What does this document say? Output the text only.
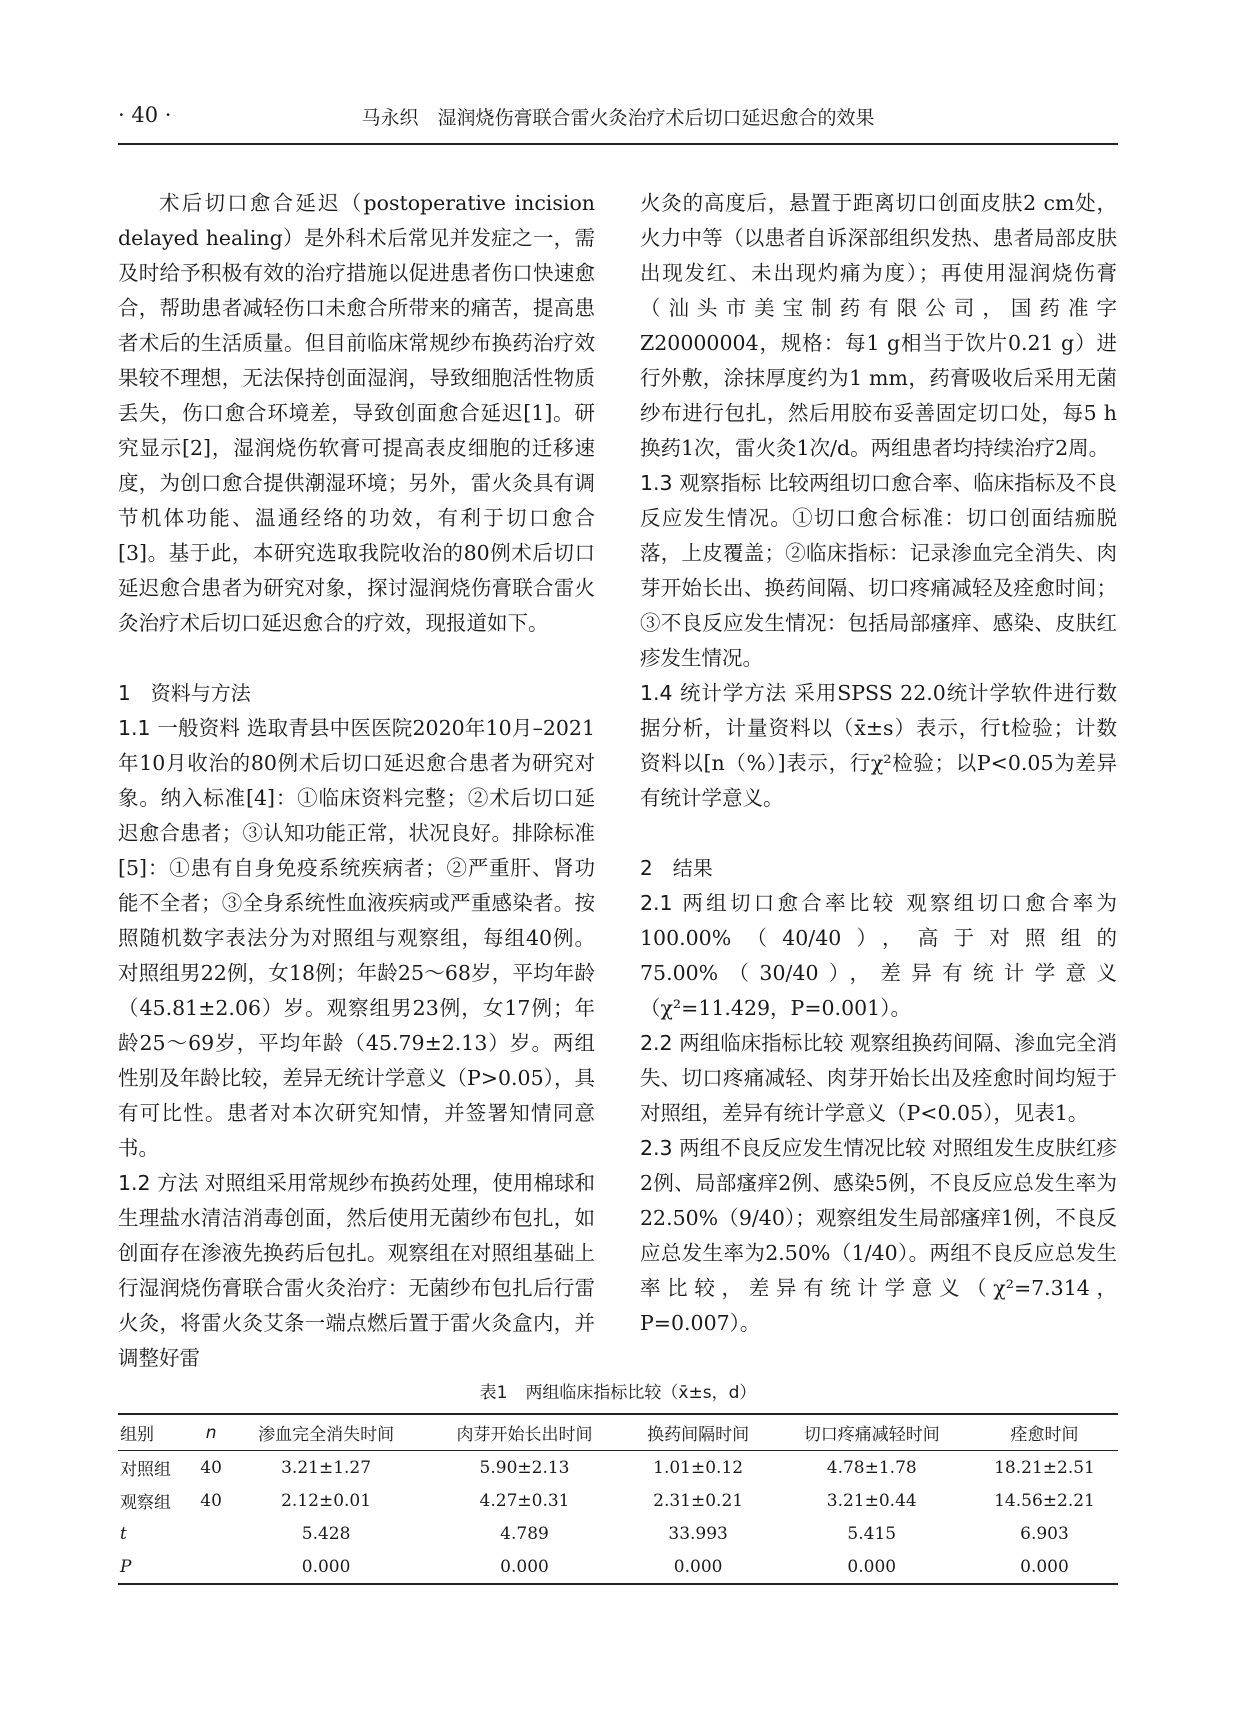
· 40 ·	马永织　湿润烧伤膏联合雷火灸治疗术后切口延迟愈合的效果

术后切口愈合延迟（postoperative incision delayed healing）是外科术后常见并发症之一，需及时给予积极有效的治疗措施以促进患者伤口快速愈合，帮助患者减轻伤口未愈合所带来的痛苦，提高患者术后的生活质量。但目前临床常规纱布换药治疗效果较不理想，无法保持创面湿润，导致细胞活性物质丢失，伤口愈合环境差，导致创面愈合延迟[1]。研究显示[2]，湿润烧伤软膏可提高表皮细胞的迁移速度，为创口愈合提供潮湿环境；另外，雷火灸具有调节机体功能、温通经络的功效，有利于切口愈合[3]。基于此，本研究选取我院收治的80例术后切口延迟愈合患者为研究对象，探讨湿润烧伤膏联合雷火灸治疗术后切口延迟愈合的疗效，现报道如下。

1　资料与方法

1.1 一般资料 选取青县中医医院2020年10月–2021年10月收治的80例术后切口延迟愈合患者为研究对象。纳入标准[4]：①临床资料完整；②术后切口延迟愈合患者；③认知功能正常，状况良好。排除标准[5]：①患有自身免疫系统疾病者；②严重肝、肾功能不全者；③全身系统性血液疾病或严重感染者。按照随机数字表法分为对照组与观察组，每组40例。对照组男22例，女18例；年龄25～68岁，平均年龄（45.81±2.06）岁。观察组男23例，女17例；年龄25～69岁，平均年龄（45.79±2.13）岁。两组性别及年龄比较，差异无统计学意义（P>0.05），具有可比性。患者对本次研究知情，并签署知情同意书。

1.2 方法 对照组采用常规纱布换药处理，使用棉球和生理盐水清洁消毒创面，然后使用无菌纱布包扎，如创面存在渗液先换药后包扎。观察组在对照组基础上行湿润烧伤膏联合雷火灸治疗：无菌纱布包扎后行雷火灸，将雷火灸艾条一端点燃后置于雷火灸盒内，并调整好雷

火灸的高度后，悬置于距离切口创面皮肤2 cm处，火力中等（以患者自诉深部组织发热、患者局部皮肤出现发红、未出现灼痛为度）；再使用湿润烧伤膏（汕头市美宝制药有限公司，国药准字Z20000004，规格：每1 g相当于饮片0.21 g）进行外敷，涂抹厚度约为1 mm，药膏吸收后采用无菌纱布进行包扎，然后用胶布妥善固定切口处，每5 h换药1次，雷火灸1次/d。两组患者均持续治疗2周。

1.3 观察指标 比较两组切口愈合率、临床指标及不良反应发生情况。①切口愈合标准：切口创面结痂脱落，上皮覆盖；②临床指标：记录渗血完全消失、肉芽开始长出、换药间隔、切口疼痛减轻及痊愈时间；③不良反应发生情况：包括局部瘙痒、感染、皮肤红疹发生情况。

1.4 统计学方法 采用SPSS 22.0统计学软件进行数据分析，计量资料以（x̄±s）表示，行t检验；计数资料以[n（%）]表示，行χ²检验；以P<0.05为差异有统计学意义。

2　结果

2.1 两组切口愈合率比较 观察组切口愈合率为100.00%（40/40），高于对照组的75.00%（30/40），差异有统计学意义（χ²=11.429，P=0.001）。

2.2 两组临床指标比较 观察组换药间隔、渗血完全消失、切口疼痛减轻、肉芽开始长出及痊愈时间均短于对照组，差异有统计学意义（P<0.05），见表1。

2.3 两组不良反应发生情况比较 对照组发生皮肤红疹2例、局部瘙痒2例、感染5例，不良反应总发生率为22.50%（9/40）；观察组发生局部瘙痒1例，不良反应总发生率为2.50%（1/40）。两组不良反应总发生率比较，差异有统计学意义（χ²=7.314，P=0.007）。

表1 两组临床指标比较（x̄±s，d）
组别	n	渗血完全消失时间	肉芽开始长出时间	换药间隔时间	切口疼痛减轻时间	痊愈时间
对照组	40	3.21±1.27	5.90±2.13	1.01±0.12	4.78±1.78	18.21±2.51
观察组	40	2.12±0.01	4.27±0.31	2.31±0.21	3.21±0.44	14.56±2.21
t		5.428	4.789	33.993	5.415	6.903
P		0.000	0.000	0.000	0.000	0.000
